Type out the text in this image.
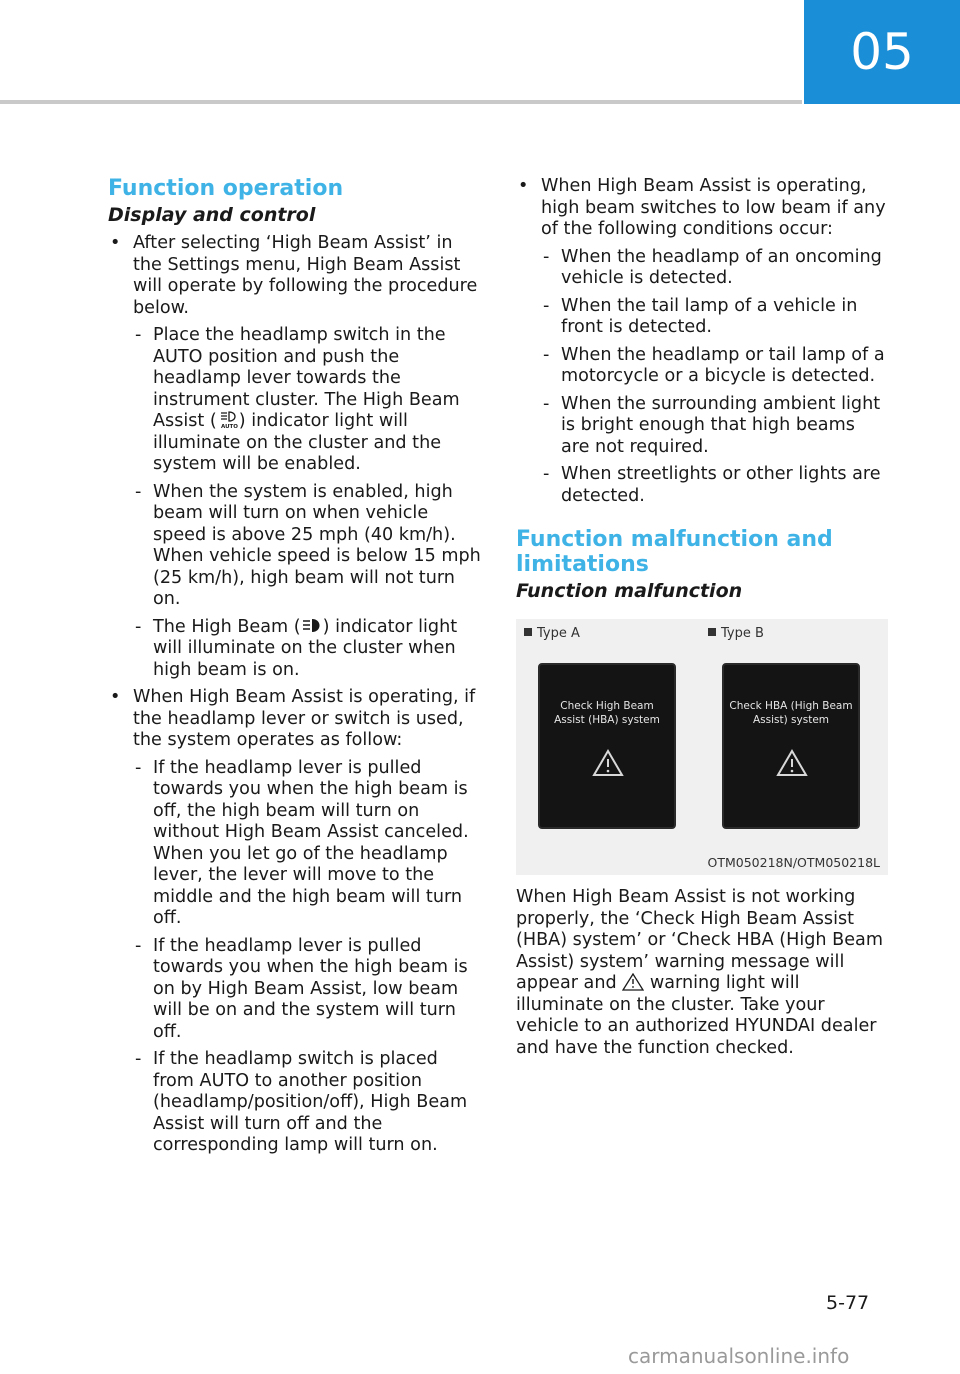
05
Function operation
Display and control
• After selecting ‘High Beam Assist’ in the Settings menu, High Beam Assist will operate by following the procedure below.
- Place the headlamp switch in the AUTO position and push the headlamp lever towards the instrument cluster. The High Beam Assist ( AUTO ) indicator light will illuminate on the cluster and the system will be enabled.
- When the system is enabled, high beam will turn on when vehicle speed is above 25 mph (40 km/h). When vehicle speed is below 15 mph (25 km/h), high beam will not turn on.
- The High Beam ( ) indicator light will illuminate on the cluster when high beam is on.
• When High Beam Assist is operating, if the headlamp lever or switch is used, the system operates as follow:
- If the headlamp lever is pulled towards you when the high beam is off, the high beam will turn on without High Beam Assist canceled. When you let go of the headlamp lever, the lever will move to the middle and the high beam will turn off.
- If the headlamp lever is pulled towards you when the high beam is on by High Beam Assist, low beam will be on and the system will turn off.
- If the headlamp switch is placed from AUTO to another position (headlamp/position/off), High Beam Assist will turn off and the corresponding lamp will turn on.
• When High Beam Assist is operating, high beam switches to low beam if any of the following conditions occur:
- When the headlamp of an oncoming vehicle is detected.
- When the tail lamp of a vehicle in front is detected.
- When the headlamp or tail lamp of a motorcycle or a bicycle is detected.
- When the surrounding ambient light is bright enough that high beams are not required.
- When streetlights or other lights are detected.
Function malfunction and limitations
Function malfunction
Type A	Type B
Check High Beam Assist (HBA) system
Check HBA (High Beam Assist) system
OTM050218N/OTM050218L

When High Beam Assist is not working properly, the ‘Check High Beam Assist (HBA) system’ or ‘Check HBA (High Beam Assist) system’ warning message will appear and warning light will illuminate on the cluster. Take your vehicle to an authorized HYUNDAI dealer and have the function checked.

5-77
carmanualsonline.info
